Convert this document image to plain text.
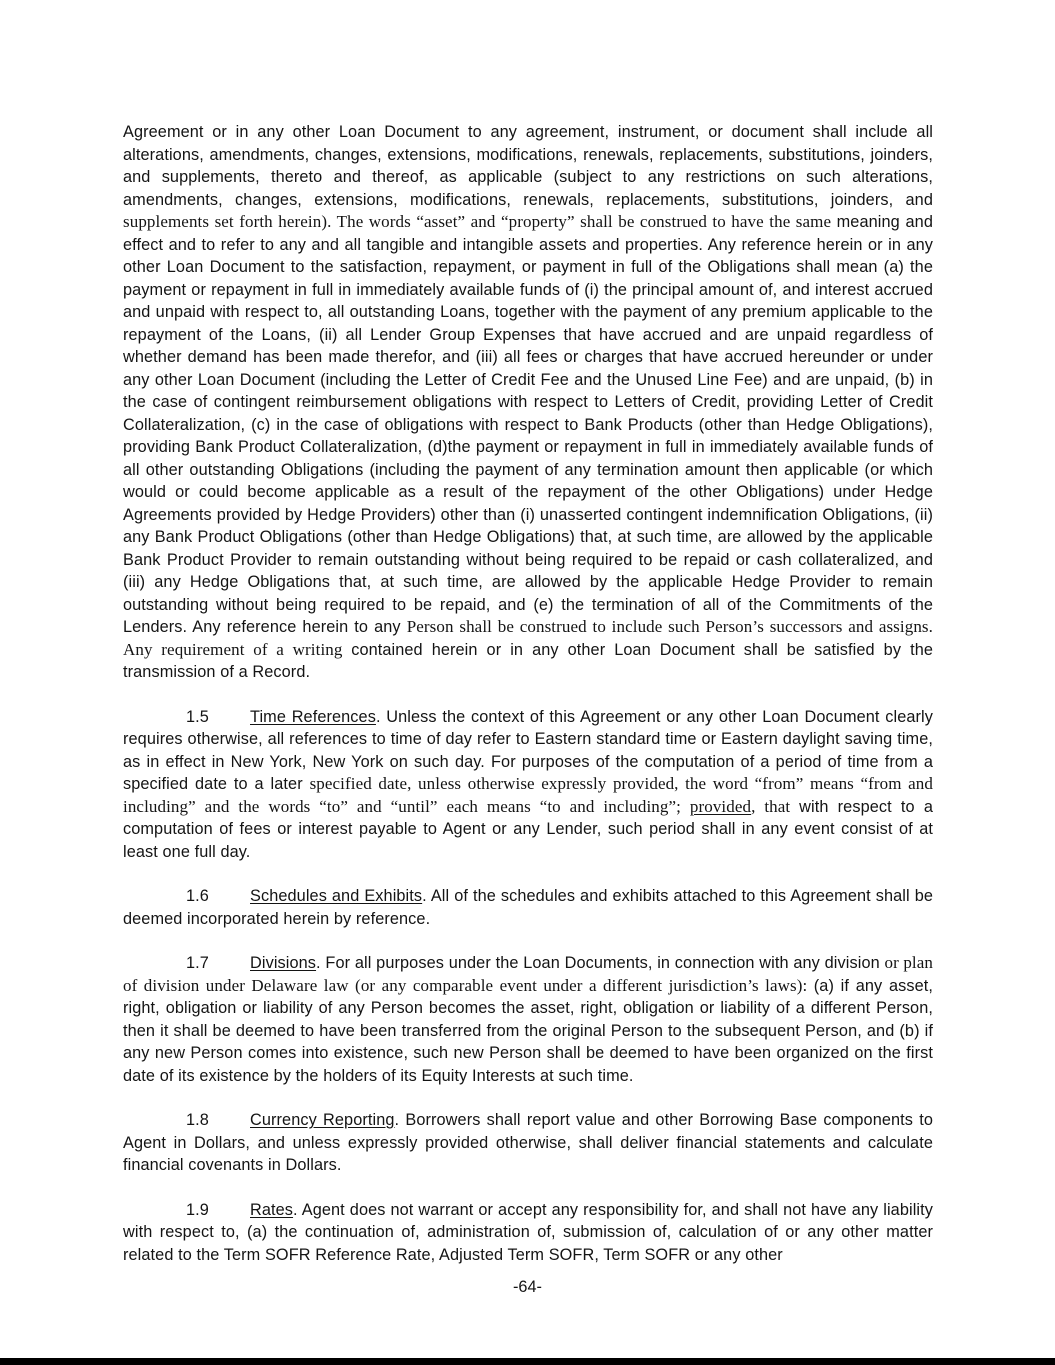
Agreement or in any other Loan Document to any agreement, instrument, or document shall include all alterations, amendments, changes, extensions, modifications, renewals, replacements, substitutions, joinders, and supplements, thereto and thereof, as applicable (subject to any restrictions on such alterations, amendments, changes, extensions, modifications, renewals, replacements, substitutions, joinders, and supplements set forth herein). The words “asset” and “property” shall be construed to have the same meaning and effect and to refer to any and all tangible and intangible assets and properties. Any reference herein or in any other Loan Document to the satisfaction, repayment, or payment in full of the Obligations shall mean (a) the payment or repayment in full in immediately available funds of (i) the principal amount of, and interest accrued and unpaid with respect to, all outstanding Loans, together with the payment of any premium applicable to the repayment of the Loans, (ii) all Lender Group Expenses that have accrued and are unpaid regardless of whether demand has been made therefor, and (iii) all fees or charges that have accrued hereunder or under any other Loan Document (including the Letter of Credit Fee and the Unused Line Fee) and are unpaid, (b) in the case of contingent reimbursement obligations with respect to Letters of Credit, providing Letter of Credit Collateralization, (c) in the case of obligations with respect to Bank Products (other than Hedge Obligations), providing Bank Product Collateralization, (d)the payment or repayment in full in immediately available funds of all other outstanding Obligations (including the payment of any termination amount then applicable (or which would or could become applicable as a result of the repayment of the other Obligations) under Hedge Agreements provided by Hedge Providers) other than (i) unasserted contingent indemnification Obligations, (ii) any Bank Product Obligations (other than Hedge Obligations) that, at such time, are allowed by the applicable Bank Product Provider to remain outstanding without being required to be repaid or cash collateralized, and (iii) any Hedge Obligations that, at such time, are allowed by the applicable Hedge Provider to remain outstanding without being required to be repaid, and (e) the termination of all of the Commitments of the Lenders. Any reference herein to any Person shall be construed to include such Person’s successors and assigns. Any requirement of a writing contained herein or in any other Loan Document shall be satisfied by the transmission of a Record.

1.5	Time References. Unless the context of this Agreement or any other Loan Document clearly requires otherwise, all references to time of day refer to Eastern standard time or Eastern daylight saving time, as in effect in New York, New York on such day. For purposes of the computation of a period of time from a specified date to a later specified date, unless otherwise expressly provided, the word “from” means “from and including” and the words “to” and “until” each means “to and including”; provided, that with respect to a computation of fees or interest payable to Agent or any Lender, such period shall in any event consist of at least one full day.

1.6	Schedules and Exhibits. All of the schedules and exhibits attached to this Agreement shall be deemed incorporated herein by reference.

1.7	Divisions. For all purposes under the Loan Documents, in connection with any division or plan of division under Delaware law (or any comparable event under a different jurisdiction’s laws): (a) if any asset, right, obligation or liability of any Person becomes the asset, right, obligation or liability of a different Person, then it shall be deemed to have been transferred from the original Person to the subsequent Person, and (b) if any new Person comes into existence, such new Person shall be deemed to have been organized on the first date of its existence by the holders of its Equity Interests at such time.

1.8	Currency Reporting. Borrowers shall report value and other Borrowing Base components to Agent in Dollars, and unless expressly provided otherwise, shall deliver financial statements and calculate financial covenants in Dollars.

1.9	Rates. Agent does not warrant or accept any responsibility for, and shall not have any liability with respect to, (a) the continuation of, administration of, submission of, calculation of or any other matter related to the Term SOFR Reference Rate, Adjusted Term SOFR, Term SOFR or any other

-64-
